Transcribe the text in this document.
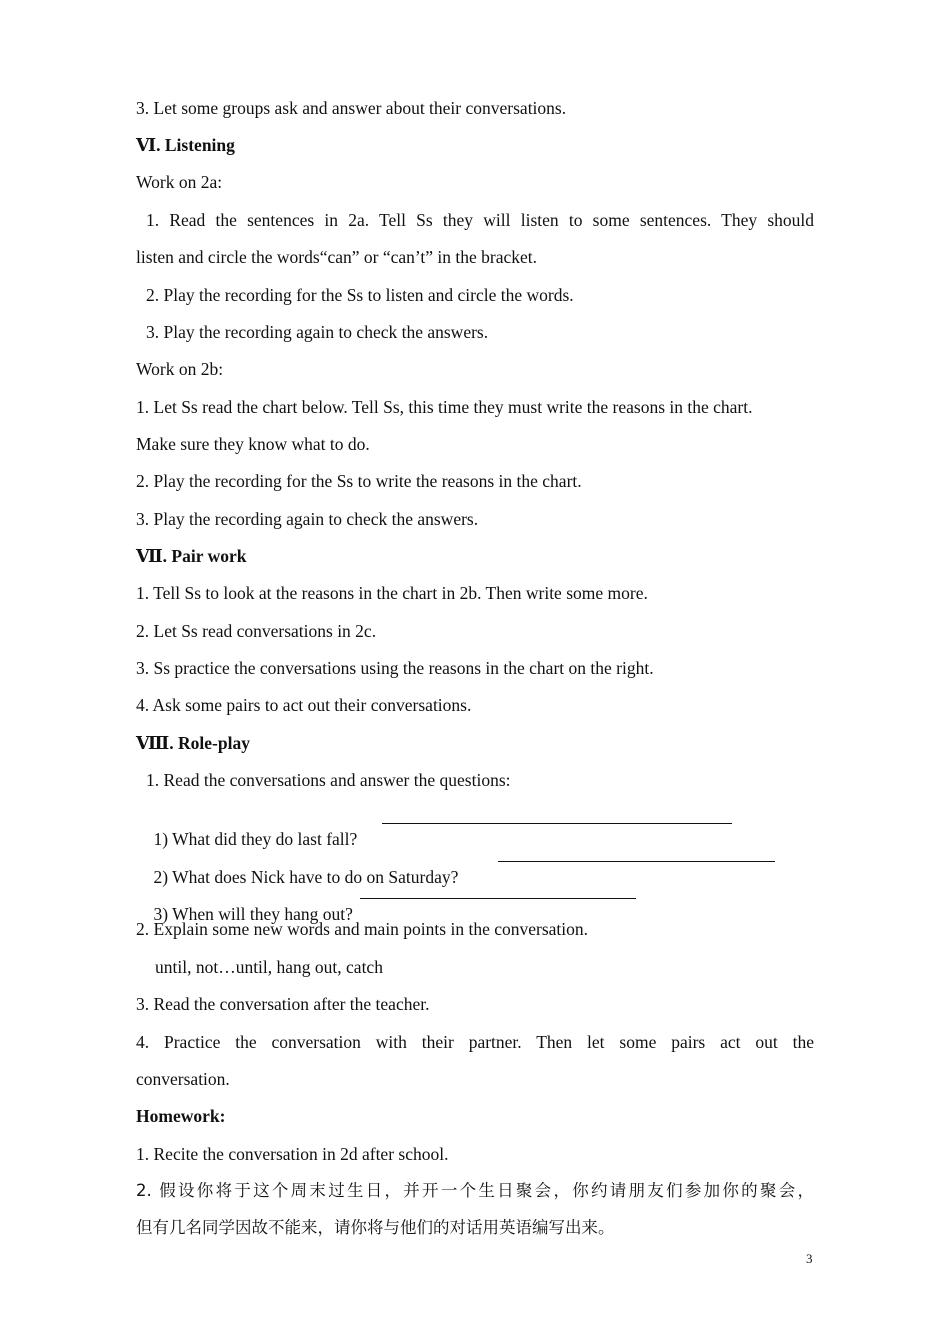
3. Let some groups ask and answer about their conversations.
Ⅵ. Listening
Work on 2a:
1. Read the sentences in 2a. Tell Ss they will listen to some sentences. They should
listen and circle the words“can” or “can’t” in the bracket.
2. Play the recording for the Ss to listen and circle the words.
3. Play the recording again to check the answers.
Work on 2b:
1. Let Ss read the chart below. Tell Ss, this time they must write the reasons in the chart.
Make sure they know what to do.
2. Play the recording for the Ss to write the reasons in the chart.
3. Play the recording again to check the answers.
Ⅶ. Pair work
1. Tell Ss to look at the reasons in the chart in 2b. Then write some more.
2. Let Ss read conversations in 2c.
3. Ss practice the conversations using the reasons in the chart on the right.
4. Ask some pairs to act out their conversations.
Ⅷ. Role-play
1. Read the conversations and answer the questions:

1) What did they do last fall?

2) What does Nick have to do on Saturday?

3) When will they hang out?

2. Explain some new words and main points in the conversation.
until, not…until, hang out, catch
3. Read the conversation after the teacher.
4. Practice the conversation with their partner. Then let some pairs act out the
conversation.
Homework:
1. Recite the conversation in 2d after school.
2. 假设你将于这个周末过生日，并开一个生日聚会，你约请朋友们参加你的聚会，
但有几名同学因故不能来，请你将与他们的对话用英语编写出来。
3
